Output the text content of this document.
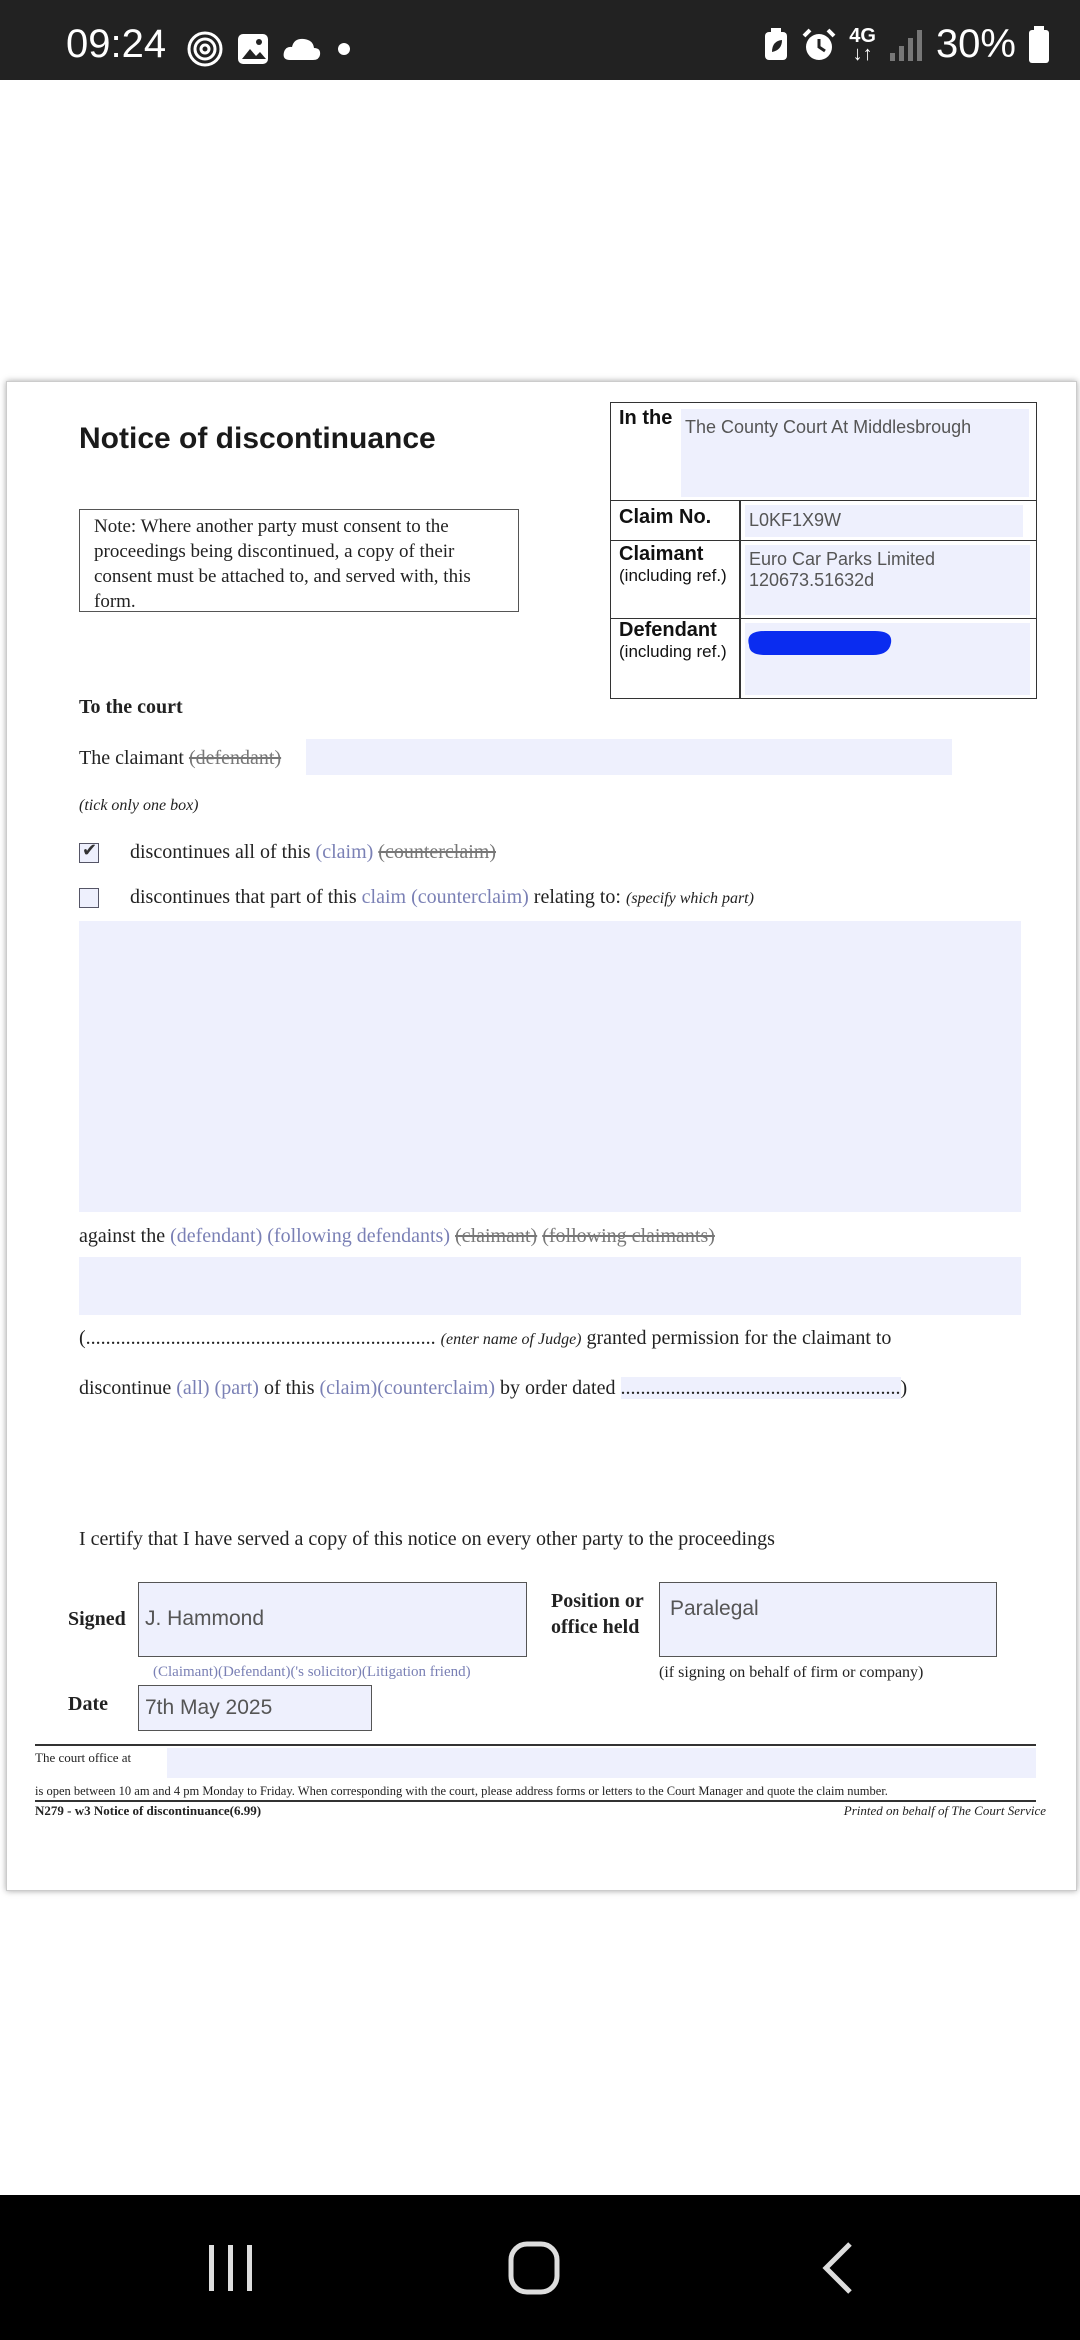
09:24	4G
↓↑ 30%
Notice of discontinuance
Note: Where another party must consent to the proceedings being discontinued, a copy of their consent must be attached to, and served with, this form.
In the The County Court At Middlesbrough
Claim No. L0KF1X9W
Claimant
(including ref.)
Euro Car Parks Limited
120673.51632d
Defendant
(including ref.)
To the court
The claimant (defendant)
(tick only one box)
✔ discontinues all of this (claim) (counterclaim)
discontinues that part of this claim (counterclaim) relating to: (specify which part)
against the (defendant) (following defendants) (claimant) (following claimants)
(...................................................................... (enter name of Judge) granted permission for the claimant to
discontinue (all) (part) of this (claim)(counterclaim) by order dated ........................................................)
I certify that I have served a copy of this notice on every other party to the proceedings
Signed J. Hammond
(Claimant)(Defendant)('s solicitor)(Litigation friend)
Position or
office held
Paralegal
(if signing on behalf of firm or company)
Date	7th May 2025
The court office at
is open between 10 am and 4 pm Monday to Friday. When corresponding with the court, please address forms or letters to the Court Manager and quote the claim number.
N279 - w3 Notice of discontinuance(6.99)	Printed on behalf of The Court Service
